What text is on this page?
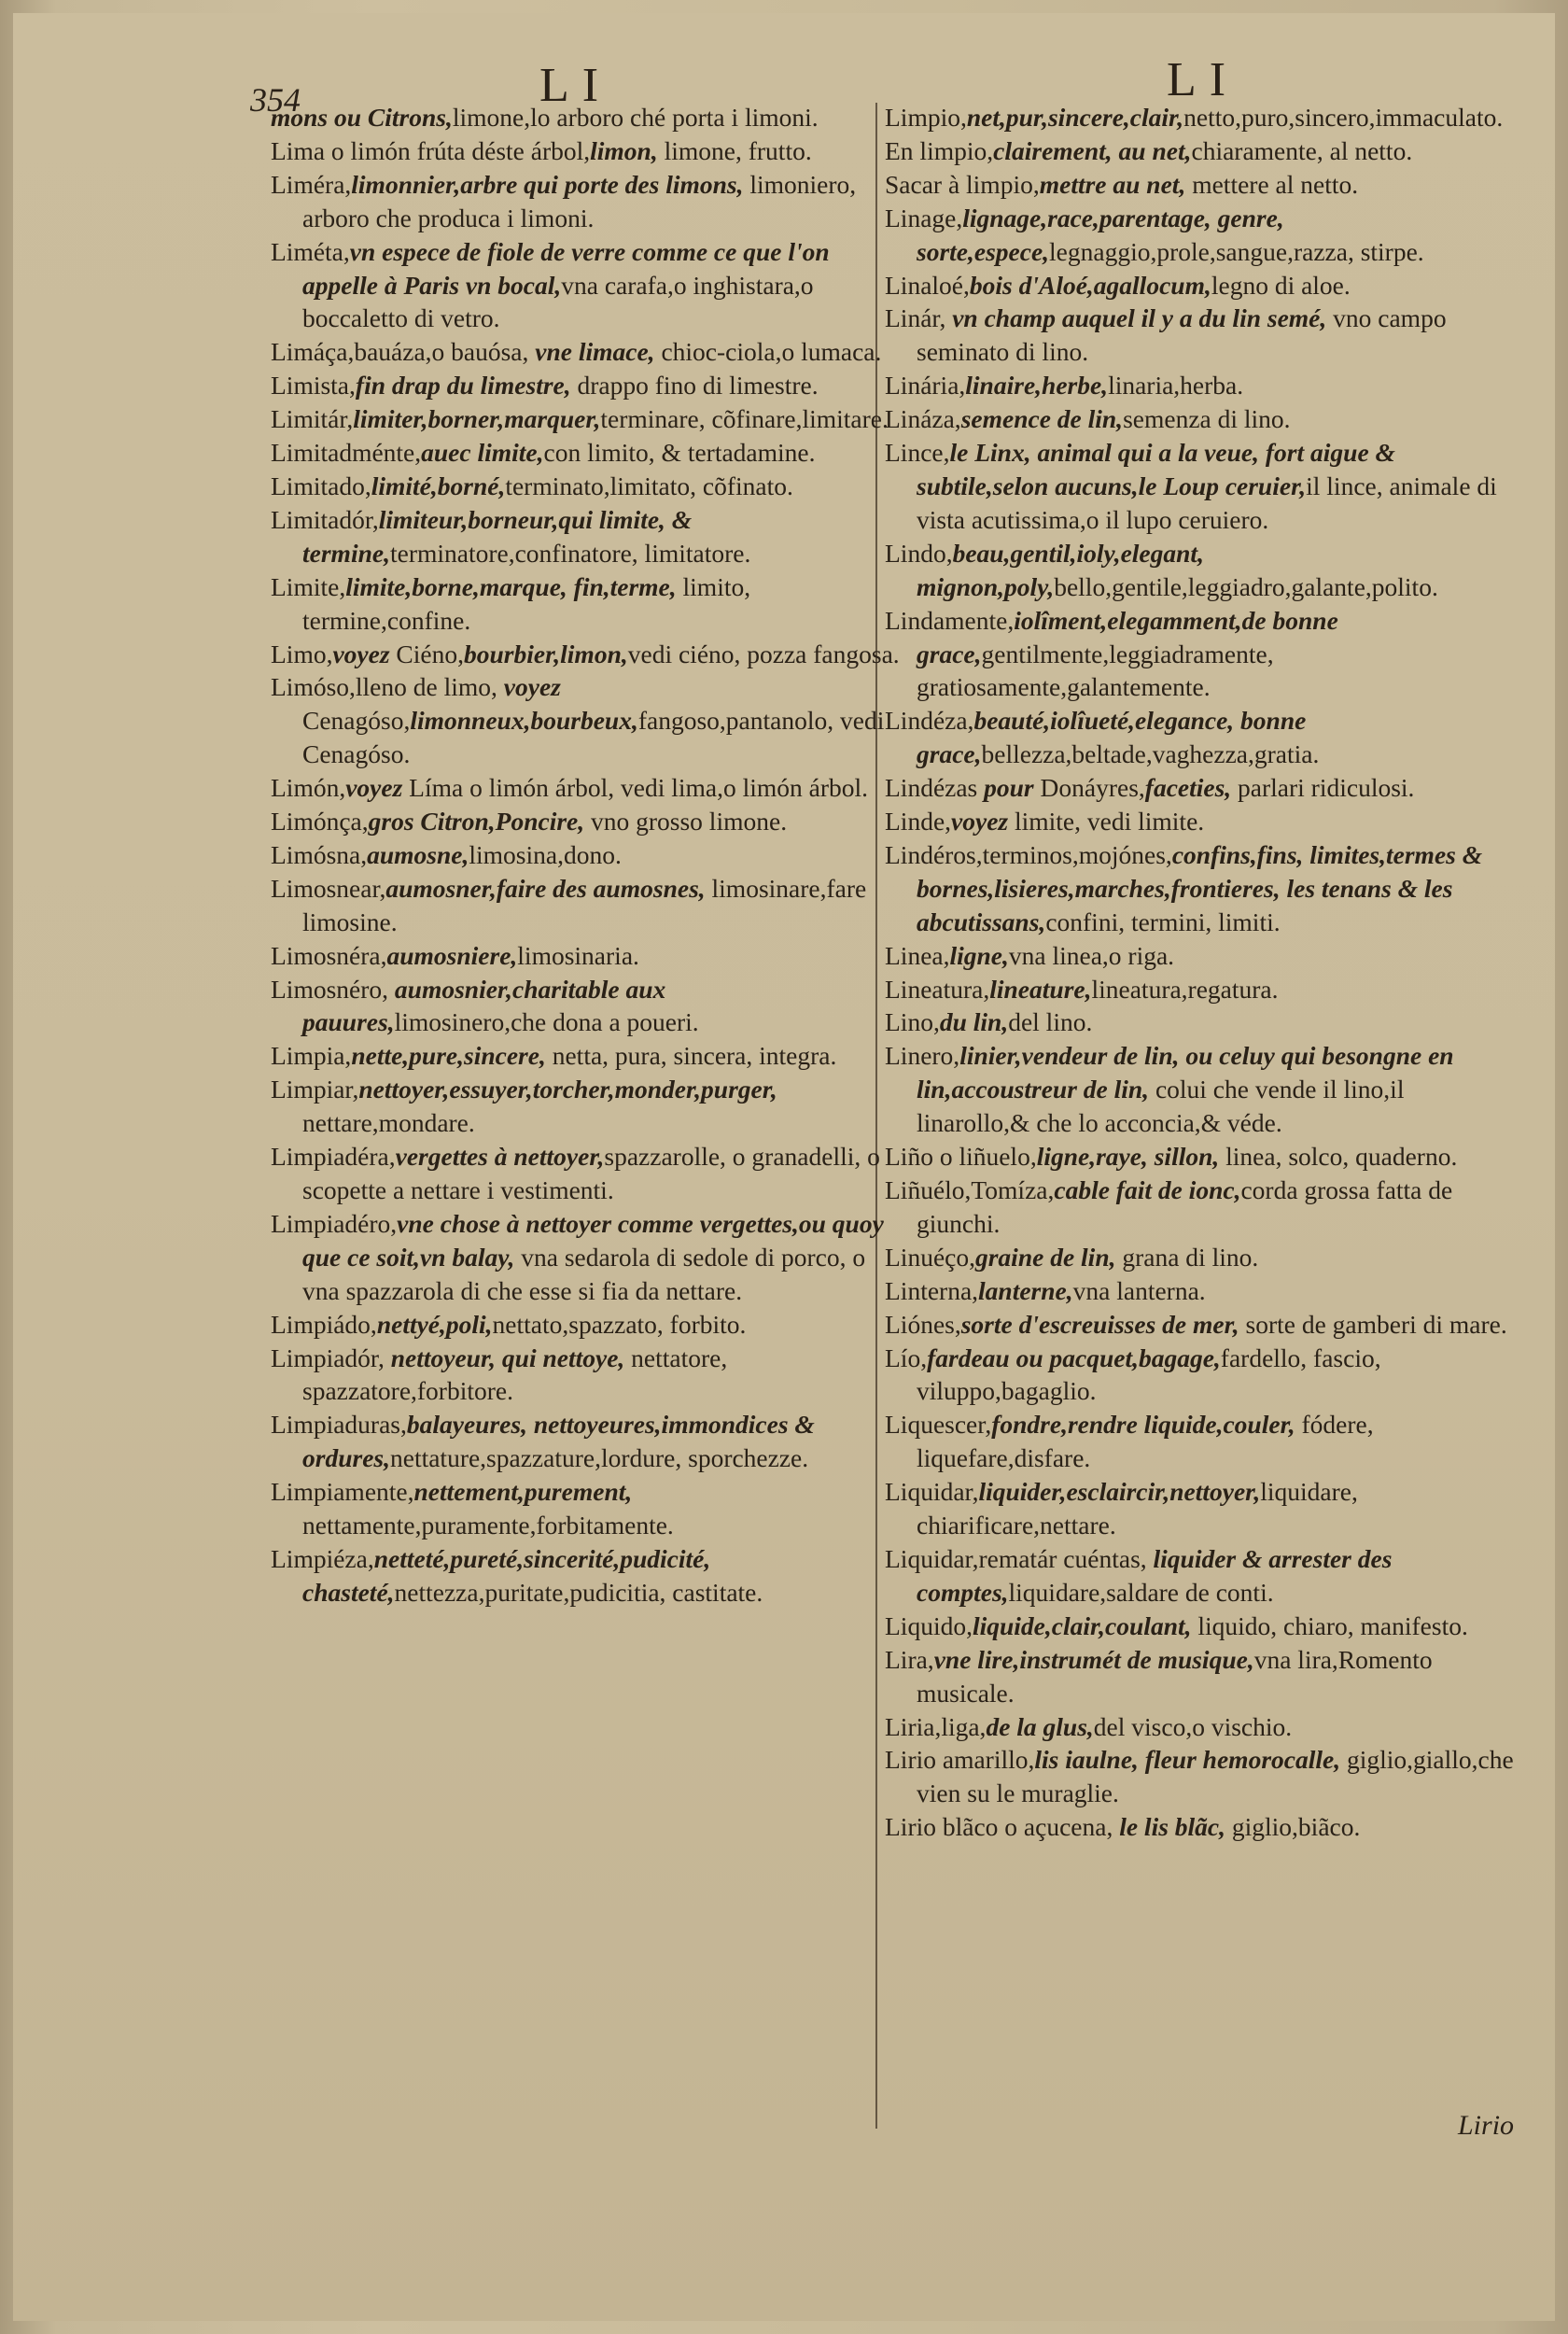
354	LI	LI

mons ou Citrons,limone,lo arboro ché porta i limoni.

Lima o limón frúta déste árbol,limon, limone, frutto.

Liméra,limonnier,arbre qui porte des limons, limoniero, arboro che produca i limoni.

Liméta,vn espece de fiole de verre comme ce que l'on appelle à Paris vn bocal,vna carafa,o inghistara,o boccaletto di vetro.

Limáça,bauáza,o bauósa, vne limace, chioc-ciola,o lumaca.

Limista,fin drap du limestre, drappo fino di limestre.

Limitár,limiter,borner,marquer,terminare, cõfinare,limitare.

Limitadménte,auec limite,con limito, & tertadamine.

Limitado,limité,borné,terminato,limitato, cõfinato.

Limitadór,limiteur,borneur,qui limite, & termine,terminatore,confinatore, limitatore.

Limite,limite,borne,marque, fin,terme, limito, termine,confine.

Limo,voyez Ciéno,bourbier,limon,vedi ciéno, pozza fangosa.

Limóso,lleno de limo, voyez Cenagóso,limonneux,bourbeux,fangoso,pantanolo, vedi Cenagóso.

Limón,voyez Líma o limón árbol, vedi lima,o limón árbol.

Limónça,gros Citron,Poncire, vno grosso limone.

Limósna,aumosne,limosina,dono.

Limosnear,aumosner,faire des aumosnes, limosinare,fare limosine.

Limosnéra,aumosniere,limosinaria.

Limosnéro, aumosnier,charitable aux pauures,limosinero,che dona a poueri.

Limpia,nette,pure,sincere, netta, pura, sincera, integra.

Limpiar,nettoyer,essuyer,torcher,monder,purger, nettare,mondare.

Limpiadéra,vergettes à nettoyer,spazzarolle, o granadelli, o scopette a nettare i vestimenti.

Limpiadéro,vne chose à nettoyer comme vergettes,ou quoy que ce soit,vn balay, vna sedarola di sedole di porco, o vna spazzarola di che esse si fia da nettare.

Limpiádo,nettyé,poli,nettato,spazzato, forbito.

Limpiadór, nettoyeur, qui nettoye, nettatore, spazzatore,forbitore.

Limpiaduras,balayeures, nettoyeures,immondices & ordures,nettature,spazzature,lordure, sporchezze.

Limpiamente,nettement,purement, nettamente,puramente,forbitamente.

Limpiéza,netteté,pureté,sincerité,pudicité, chasteté,nettezza,puritate,pudicitia, castitate.

Limpio,net,pur,sincere,clair,netto,puro,sincero,immaculato.

En limpio,clairement, au net,chiaramente, al netto.

Sacar à limpio,mettre au net, mettere al netto.

Linage,lignage,race,parentage, genre, sorte,espece,legnaggio,prole,sangue,razza, stirpe.

Linaloé,bois d'Aloé,agallocum,legno di aloe.

Linár, vn champ auquel il y a du lin semé, vno campo seminato di lino.

Linária,linaire,herbe,linaria,herba.

Lináza,semence de lin,semenza di lino.

Lince,le Linx, animal qui a la veue, fort aigue & subtile,selon aucuns,le Loup ceruier,il lince, animale di vista acutissima,o il lupo ceruiero.

Lindo,beau,gentil,ioly,elegant, mignon,poly,bello,gentile,leggiadro,galante,polito.

Lindamente,iolîment,elegamment,de bonne grace,gentilmente,leggiadramente, gratiosamente,galantemente.

Lindéza,beauté,iolîueté,elegance, bonne grace,bellezza,beltade,vaghezza,gratia.

Lindézas pour Donáyres,faceties, parlari ridiculosi.

Linde,voyez limite, vedi limite.

Lindéros,terminos,mojónes,confins,fins, limites,termes & bornes,lisieres,marches,frontieres, les tenans & les abcutissans,confini, termini, limiti.

Linea,ligne,vna linea,o riga.

Lineatura,lineature,lineatura,regatura.

Lino,du lin,del lino.

Linero,linier,vendeur de lin, ou celuy qui besongne en lin,accoustreur de lin, colui che vende il lino,il linarollo,& che lo acconcia,& véde.

Liño o liñuelo,ligne,raye, sillon, linea, solco, quaderno.

Liñuélo,Tomíza,cable fait de ionc,corda grossa fatta de giunchi.

Linuéço,graine de lin, grana di lino.

Linterna,lanterne,vna lanterna.

Liónes,sorte d'escreuisses de mer, sorte de gamberi di mare.

Lío,fardeau ou pacquet,bagage,fardello, fascio, viluppo,bagaglio.

Liquescer,fondre,rendre liquide,couler, fódere, liquefare,disfare.

Liquidar,liquider,esclaircir,nettoyer,liquidare, chiarificare,nettare.

Liquidar,rematár cuéntas, liquider & arrester des comptes,liquidare,saldare de conti.

Liquido,liquide,clair,coulant, liquido, chiaro, manifesto.

Lira,vne lire,instrumét de musique,vna lira,Romento musicale.

Liria,liga,de la glus,del visco,o vischio.

Lirio amarillo,lis iaulne, fleur hemorocalle, giglio,giallo,che vien su le muraglie.

Lirio blãco o açucena, le lis blãc, giglio,biãco.

Lirio
